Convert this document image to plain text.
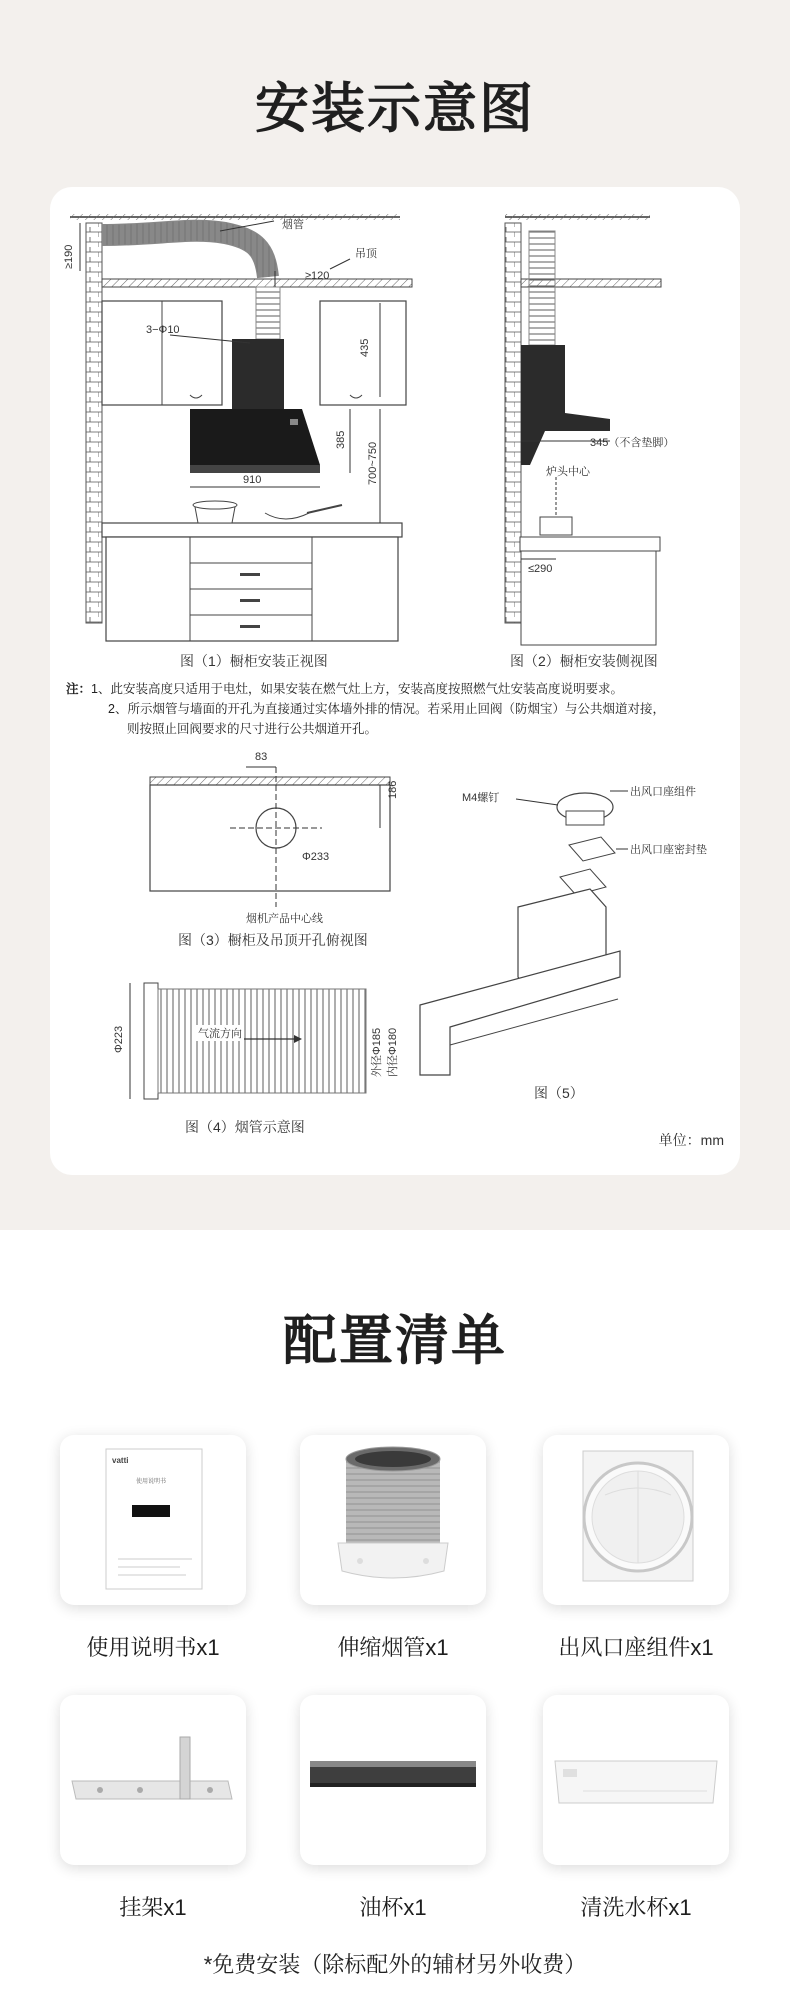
安装示意图
烟管
≥120
吊顶
3−Φ10
435
385
910	700~750
≥190
图（1）橱柜安装正视图
345（不含垫脚）
炉头中心
≤290
图（2）橱柜安装侧视图
83
186
Φ233
烟机产品中心线
图（3）橱柜及吊顶开孔俯视图
Φ223	气流方向	外径Φ185 内径Φ180
图（4）烟管示意图
M4螺钉	出风口座组件
出风口座密封垫
图（5）
注：1、此安装高度只适用于电灶，如果安装在燃气灶上方，安装高度按照燃气灶安装高度说明要求。
2、所示烟管与墙面的开孔为直接通过实体墙外排的情况。若采用止回阀（防烟宝）与公共烟道对接，
则按照止回阀要求的尺寸进行公共烟道开孔。
单位：mm
配置清单
vatti
使用说明书
使用说明书x1	伸缩烟管x1	出风口座组件x1
挂架x1	油杯x1	清洗水杯x1
*免费安装（除标配外的辅材另外收费）
